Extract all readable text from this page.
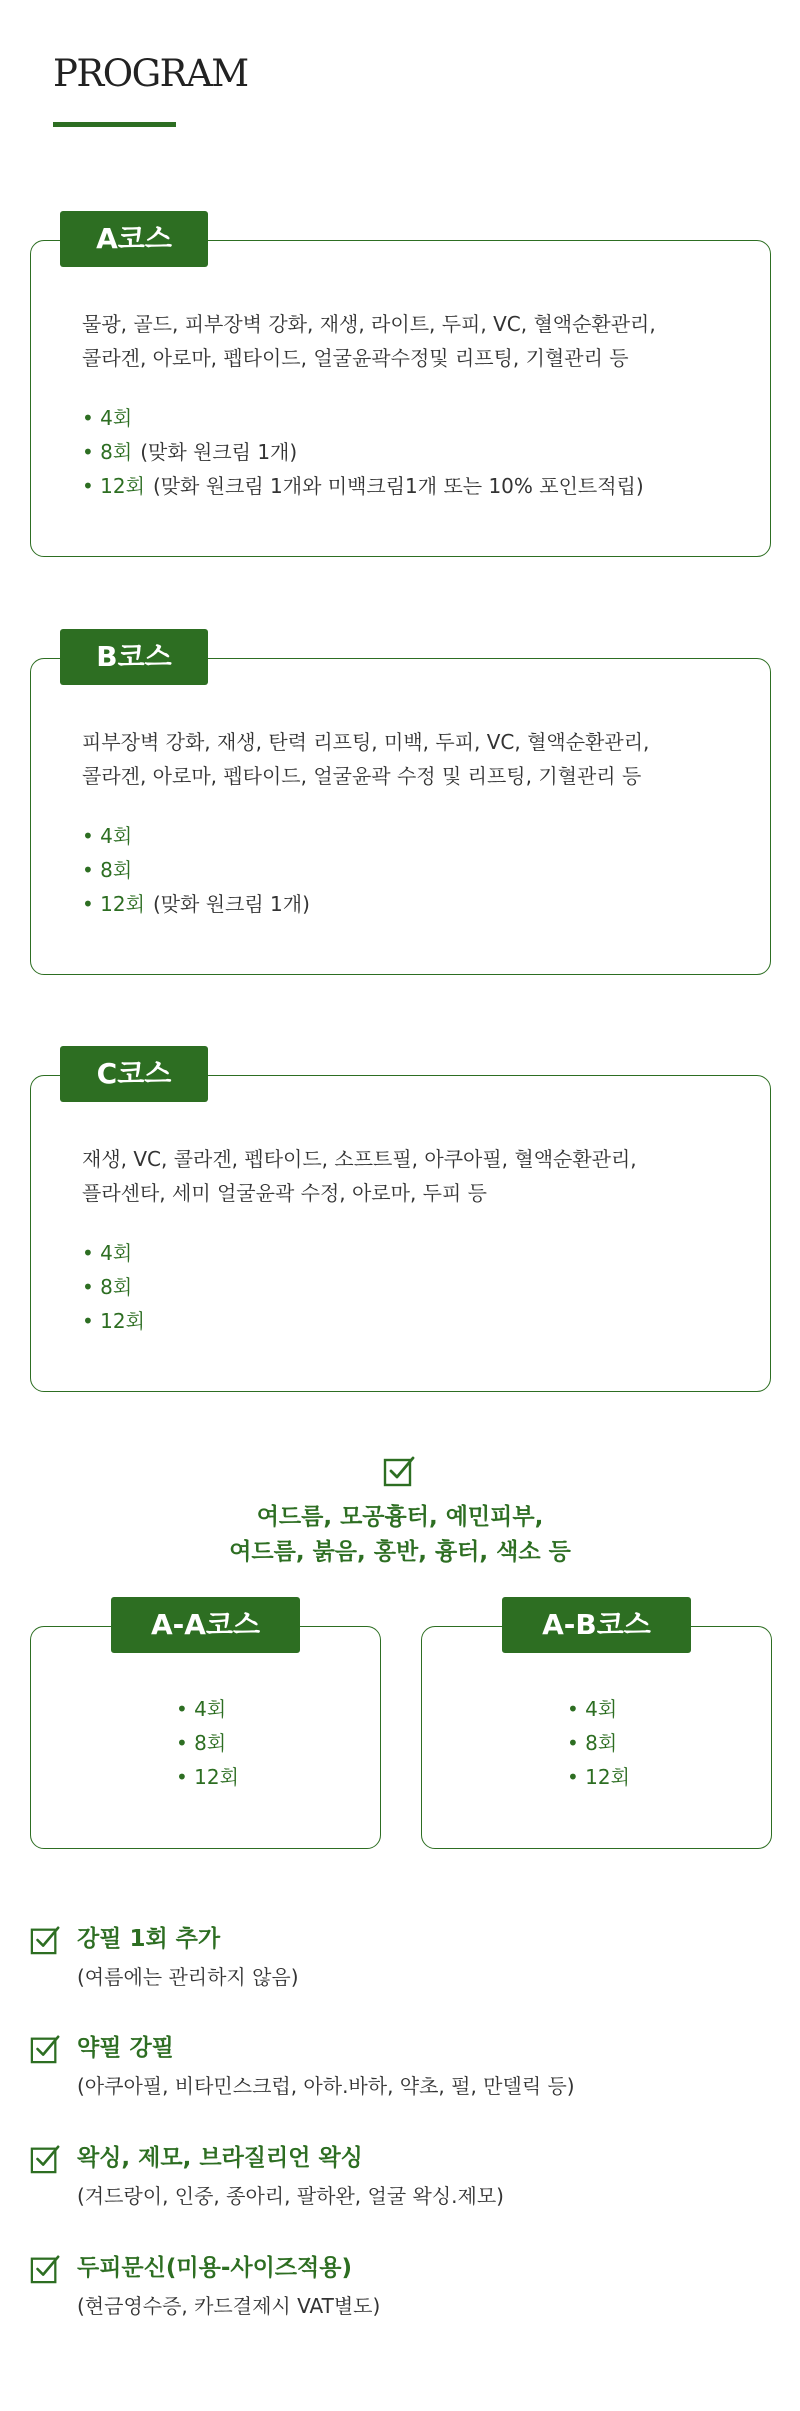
PROGRAM
물광, 골드, 피부장벽 강화, 재생, 라이트, 두피, VC, 혈액순환관리,
콜라겐, 아로마, 펩타이드, 얼굴윤곽수정및 리프팅, 기혈관리 등
• 4회
• 8회 (맞화 원크림 1개)
• 12회 (맞화 원크림 1개와 미백크림1개 또는 10% 포인트적립)
A코스
피부장벽 강화, 재생, 탄력 리프팅, 미백, 두피, VC, 혈액순환관리,
콜라겐, 아로마, 펩타이드, 얼굴윤곽 수정 및 리프팅, 기혈관리 등
• 4회
• 8회
• 12회 (맞화 원크림 1개)
B코스
재생, VC, 콜라겐, 펩타이드, 소프트필, 아쿠아필, 혈액순환관리,
플라센타, 세미 얼굴윤곽 수정, 아로마, 두피 등
• 4회
• 8회
• 12회
C코스
여드름, 모공흉터, 예민피부,
여드름, 붉음, 홍반, 흉터, 색소 등
• 4회
• 8회
• 12회
A-A코스
• 4회
• 8회
• 12회
A-B코스
강필 1회 추가
(여름에는 관리하지 않음)
약필 강필
(아쿠아필, 비타민스크럽, 아하.바하, 약초, 펄, 만델릭 등)
왁싱, 제모, 브라질리언 왁싱
(겨드랑이, 인중, 종아리, 팔하완, 얼굴 왁싱.제모)
두피문신(미용-사이즈적용)
(현금영수증, 카드결제시 VAT별도)
